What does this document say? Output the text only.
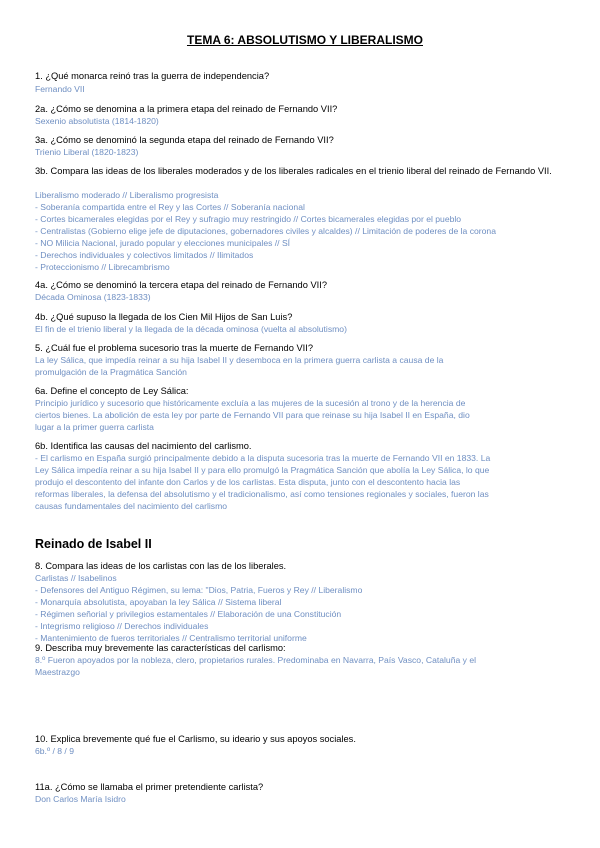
TEMA 6: ABSOLUTISMO Y LIBERALISMO
1. ¿Qué monarca reinó tras la guerra de independencia?
Fernando VII
2a. ¿Cómo se denomina a la primera etapa del reinado de Fernando VII?
Sexenio absolutista (1814-1820)
3a. ¿Cómo se denominó la segunda etapa del reinado de Fernando VII?
Trienio Liberal (1820-1823)
3b. Compara las ideas de los liberales moderados y de los liberales radicales en el trienio liberal del reinado de Fernando VII.
Liberalismo moderado // Liberalismo progresista
- Soberanía compartida entre el Rey y las Cortes // Soberanía nacional
- Cortes bicamerales elegidas por el Rey y sufragio muy restringido // Cortes bicamerales elegidas por el pueblo
- Centralistas (Gobierno elige jefe de diputaciones, gobernadores civiles y alcaldes) // Limitación de poderes de la corona
- NO Milicia Nacional, jurado popular y elecciones municipales // SÍ
- Derechos individuales y colectivos limitados // Ilimitados
- Proteccionismo // Librecambrismo
4a. ¿Cómo se denominó la tercera etapa del reinado de Fernando VII?
Década Ominosa (1823-1833)
4b. ¿Qué supuso la llegada de los Cien Mil Hijos de San Luis?
El fin de el trienio liberal y la llegada de la década ominosa (vuelta al absolutismo)
5. ¿Cuál fue el problema sucesorio tras la muerte de Fernando VII?
La ley Sálica, que impedía reinar a su hija Isabel II y desemboca en la primera guerra carlista a causa de la
promulgación de la Pragmática Sanción
6a. Define el concepto de Ley Sálica:
Principio jurídico y sucesorio que históricamente excluía a las mujeres de la sucesión al trono y de la herencia de
ciertos bienes. La abolición de esta ley por parte de Fernando VII para que reinase su hija Isabel II en España, dio
lugar a la primer guerra carlista
6b. Identifica las causas del nacimiento del carlismo.
- El carlismo en España surgió principalmente debido a la disputa sucesoria tras la muerte de Fernando VII en 1833. La
Ley Sálica impedía reinar a su hija Isabel II y para ello promulgó la Pragmática Sanción que abolía la Ley Sálica, lo que
produjo el descontento del infante don Carlos y de los carlistas. Esta disputa, junto con el descontento hacia las
reformas liberales, la defensa del absolutismo y el tradicionalismo, así como tensiones regionales y sociales, fueron las
causas fundamentales del nacimiento del carlismo
Reinado de Isabel II
8. Compara las ideas de los carlistas con las de los liberales.
Carlistas // Isabelinos
- Defensores del Antiguo Régimen, su lema: "Dios, Patria, Fueros y Rey // Liberalismo
- Monarquía absolutista, apoyaban la ley Sálica // Sistema liberal
- Régimen señorial y privilegios estamentales // Elaboración de una Constitución
- Integrismo religioso // Derechos individuales
- Mantenimiento de fueros territoriales // Centralismo territorial uniforme
9. Describa muy brevemente las características del carlismo:
8.º Fueron apoyados por la nobleza, clero, propietarios rurales. Predominaba en Navarra, País Vasco, Cataluña y el
Maestrazgo
10. Explica brevemente qué fue el Carlismo, su ideario y sus apoyos sociales.
6b.º / 8 / 9
11a. ¿Cómo se llamaba el primer pretendiente carlista?
Don Carlos María Isidro
